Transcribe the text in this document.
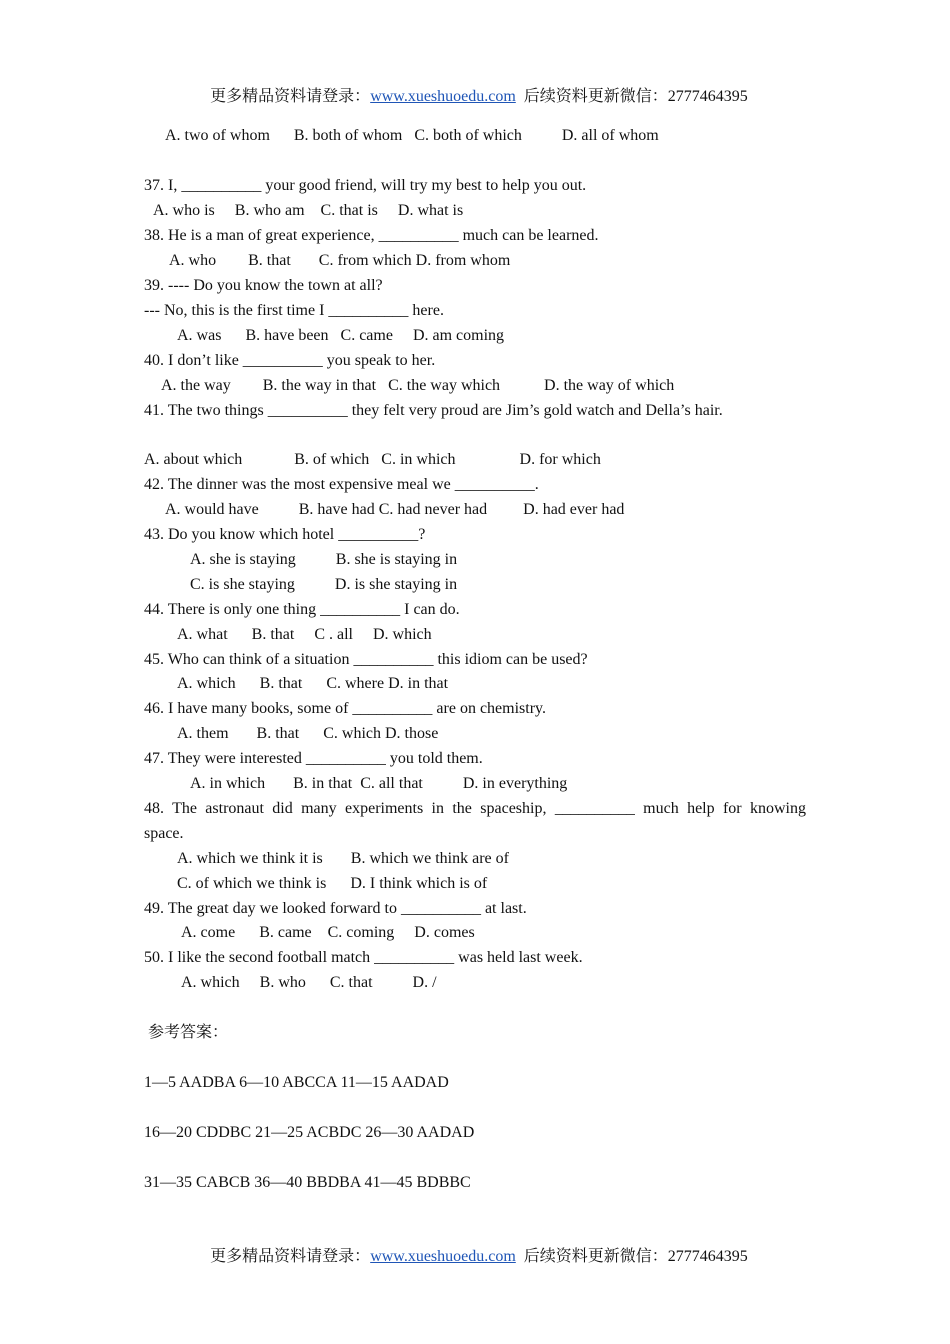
更多精品资料请登录：www.xueshuoedu.com  后续资料更新微信：2777464395

A. two of whom      B. both of whom   C. both of which          D. all of whom
37. I, __________ your good friend, will try my best to help you out.
A. who is     B. who am    C. that is     D. what is
38. He is a man of great experience, __________ much can be learned.
A. who        B. that       C. from which D. from whom
39. ---- Do you know the town at all?
--- No, this is the first time I __________ here.
A. was      B. have been   C. came     D. am coming
40. I don’t like __________ you speak to her.
A. the way        B. the way in that   C. the way which           D. the way of which
41. The two things __________ they felt very proud are Jim’s gold watch and Della’s hair.
A. about which             B. of which   C. in which                D. for which
42. The dinner was the most expensive meal we __________.
A. would have          B. have had C. had never had         D. had ever had
43. Do you know which hotel __________?
A. she is staying          B. she is staying in
C. is she staying          D. is she staying in
44. There is only one thing __________ I can do.
A. what      B. that     C . all     D. which
45. Who can think of a situation __________ this idiom can be used?
A. which      B. that      C. where D. in that
46. I have many books, some of __________ are on chemistry.
A. them       B. that      C. which D. those
47. They were interested __________ you told them.
A. in which       B. in that  C. all that          D. in everything
48. The astronaut did many experiments in the spaceship, __________ much help for knowing
space.
A. which we think it is       B. which we think are of
C. of which we think is      D. I think which is of
49. The great day we looked forward to __________ at last.
A. come      B. came    C. coming     D. comes
50. I like the second football match __________ was held last week.
A. which     B. who      C. that          D. /
参考答案：
1—5 AADBA 6—10 ABCCA 11—15 AADAD
16—20 CDDBC 21—25 ACBDC 26—30 AADAD
31—35 CABCB 36—40 BBDBA 41—45 BDBBC

更多精品资料请登录：www.xueshuoedu.com  后续资料更新微信：2777464395
